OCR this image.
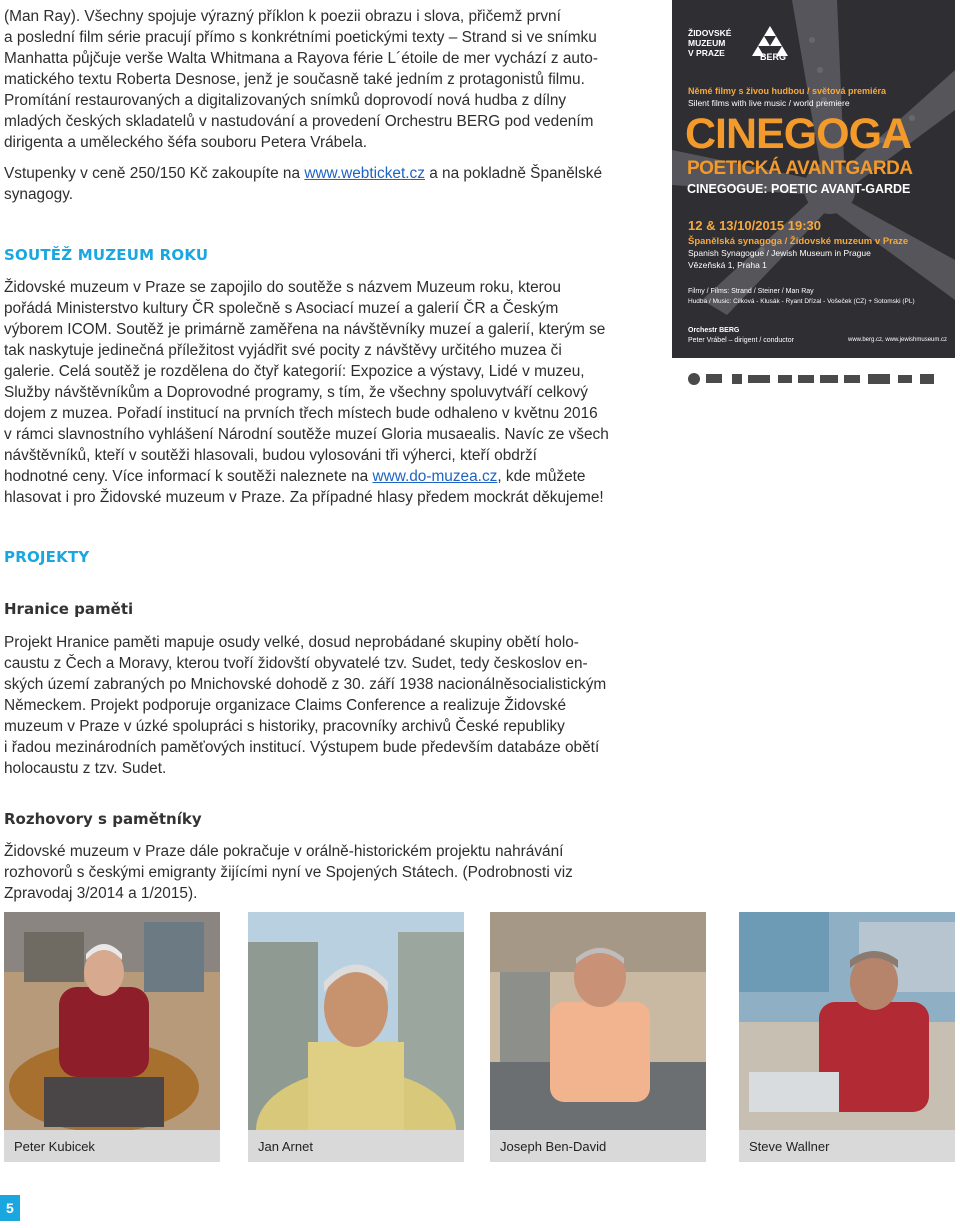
(Man Ray). Všechny spojuje výrazný příklon k poezii obrazu i slova, přičemž první

a poslední film série pracují přímo s konkrétními poetickými texty – Strand si ve snímku

Manhatta půjčuje verše Walta Whitmana a Rayova férie L´étoile de mer vychází z auto-

matického textu Roberta Desnose, jenž je současně také jedním z protagonistů filmu.

Promítání restaurovaných a digitalizovaných snímků doprovodí nová hudba z dílny

mladých českých skladatelů v nastudování a provedení Orchestru BERG pod vedením

dirigenta a uměleckého šéfa souboru Petera Vrábela.

Vstupenky v ceně 250/150 Kč zakoupíte na www.webticket.cz a na pokladně Španělské

synagogy.

ŽIDOVSKÉ
MUZEUM
V PRAZE	BERG
Němé filmy s živou hudbou / světová premiéra
Silent films with live music / world premiere
CINEGOGA
POETICKÁ AVANTGARDA
CINEGOGUE: POETIC AVANT-GARDE
12 & 13/10/2015 19:30
Španělská synagoga / Židovské muzeum v Praze
Spanish Synagogue / Jewish Museum in Prague
Vězeňská 1, Praha 1
Filmy / Films: Strand / Steiner / Man Ray
Hudba / Music: Cilková - Klusák - Ryant Dřízal - Vošeček (CZ) + Sotomski (PL)
Orchestr BERG
Peter Vrábel – dirigent / conductor	www.berg.cz, www.jewishmuseum.cz
SOUTĚŽ MUZEUM ROKU

Židovské muzeum v Praze se zapojilo do soutěže s názvem Muzeum roku, kterou

pořádá Ministerstvo kultury ČR společně s Asociací muzeí a galerií ČR a Českým

výborem ICOM. Soutěž je primárně zaměřena na návštěvníky muzeí a galerií, kterým se

tak naskytuje jedinečná příležitost vyjádřit své pocity z návštěvy určitého muzea či

galerie. Celá soutěž je rozdělena do čtyř kategorií: Expozice a výstavy, Lidé v muzeu,

Služby návštěvníkům a Doprovodné programy, s tím, že všechny spoluvytváří celkový

dojem z muzea. Pořadí institucí na prvních třech místech bude odhaleno v květnu 2016

v rámci slavnostního vyhlášení Národní soutěže muzeí Gloria musaealis. Navíc ze všech

návštěvníků, kteří v soutěži hlasovali, budou vylosováni tři výherci, kteří obdrží

hodnotné ceny. Více informací k soutěži naleznete na www.do-muzea.cz, kde můžete

hlasovat i pro Židovské muzeum v Praze. Za případné hlasy předem mockrát děkujeme!

PROJEKTY
Hranice paměti

Projekt Hranice paměti mapuje osudy velké, dosud neprobádané skupiny obětí holo-

caustu z Čech a Moravy, kterou tvoří židovští obyvatelé tzv. Sudet, tedy českoslov en-

ských území zabraných po Mnichovské dohodě z 30. září 1938 nacionálněsocialistickým

Německem. Projekt podporuje organizace Claims Conference a realizuje Židovské

muzeum v Praze v úzké spolupráci s historiky, pracovníky archivů České republiky

i řadou mezinárodních paměťových institucí. Výstupem bude především databáze obětí

holocaustu z tzv. Sudet.

Rozhovory s pamětníky

Židovské muzeum v Praze dále pokračuje v orálně-historickém projektu nahrávání

rozhovorů s českými emigranty žijícími nyní ve Spojených Státech. (Podrobnosti viz

Zpravodaj 3/2014 a 1/2015).

Peter Kubicek	Jan Arnet	Joseph Ben-David	Steve Wallner
5
